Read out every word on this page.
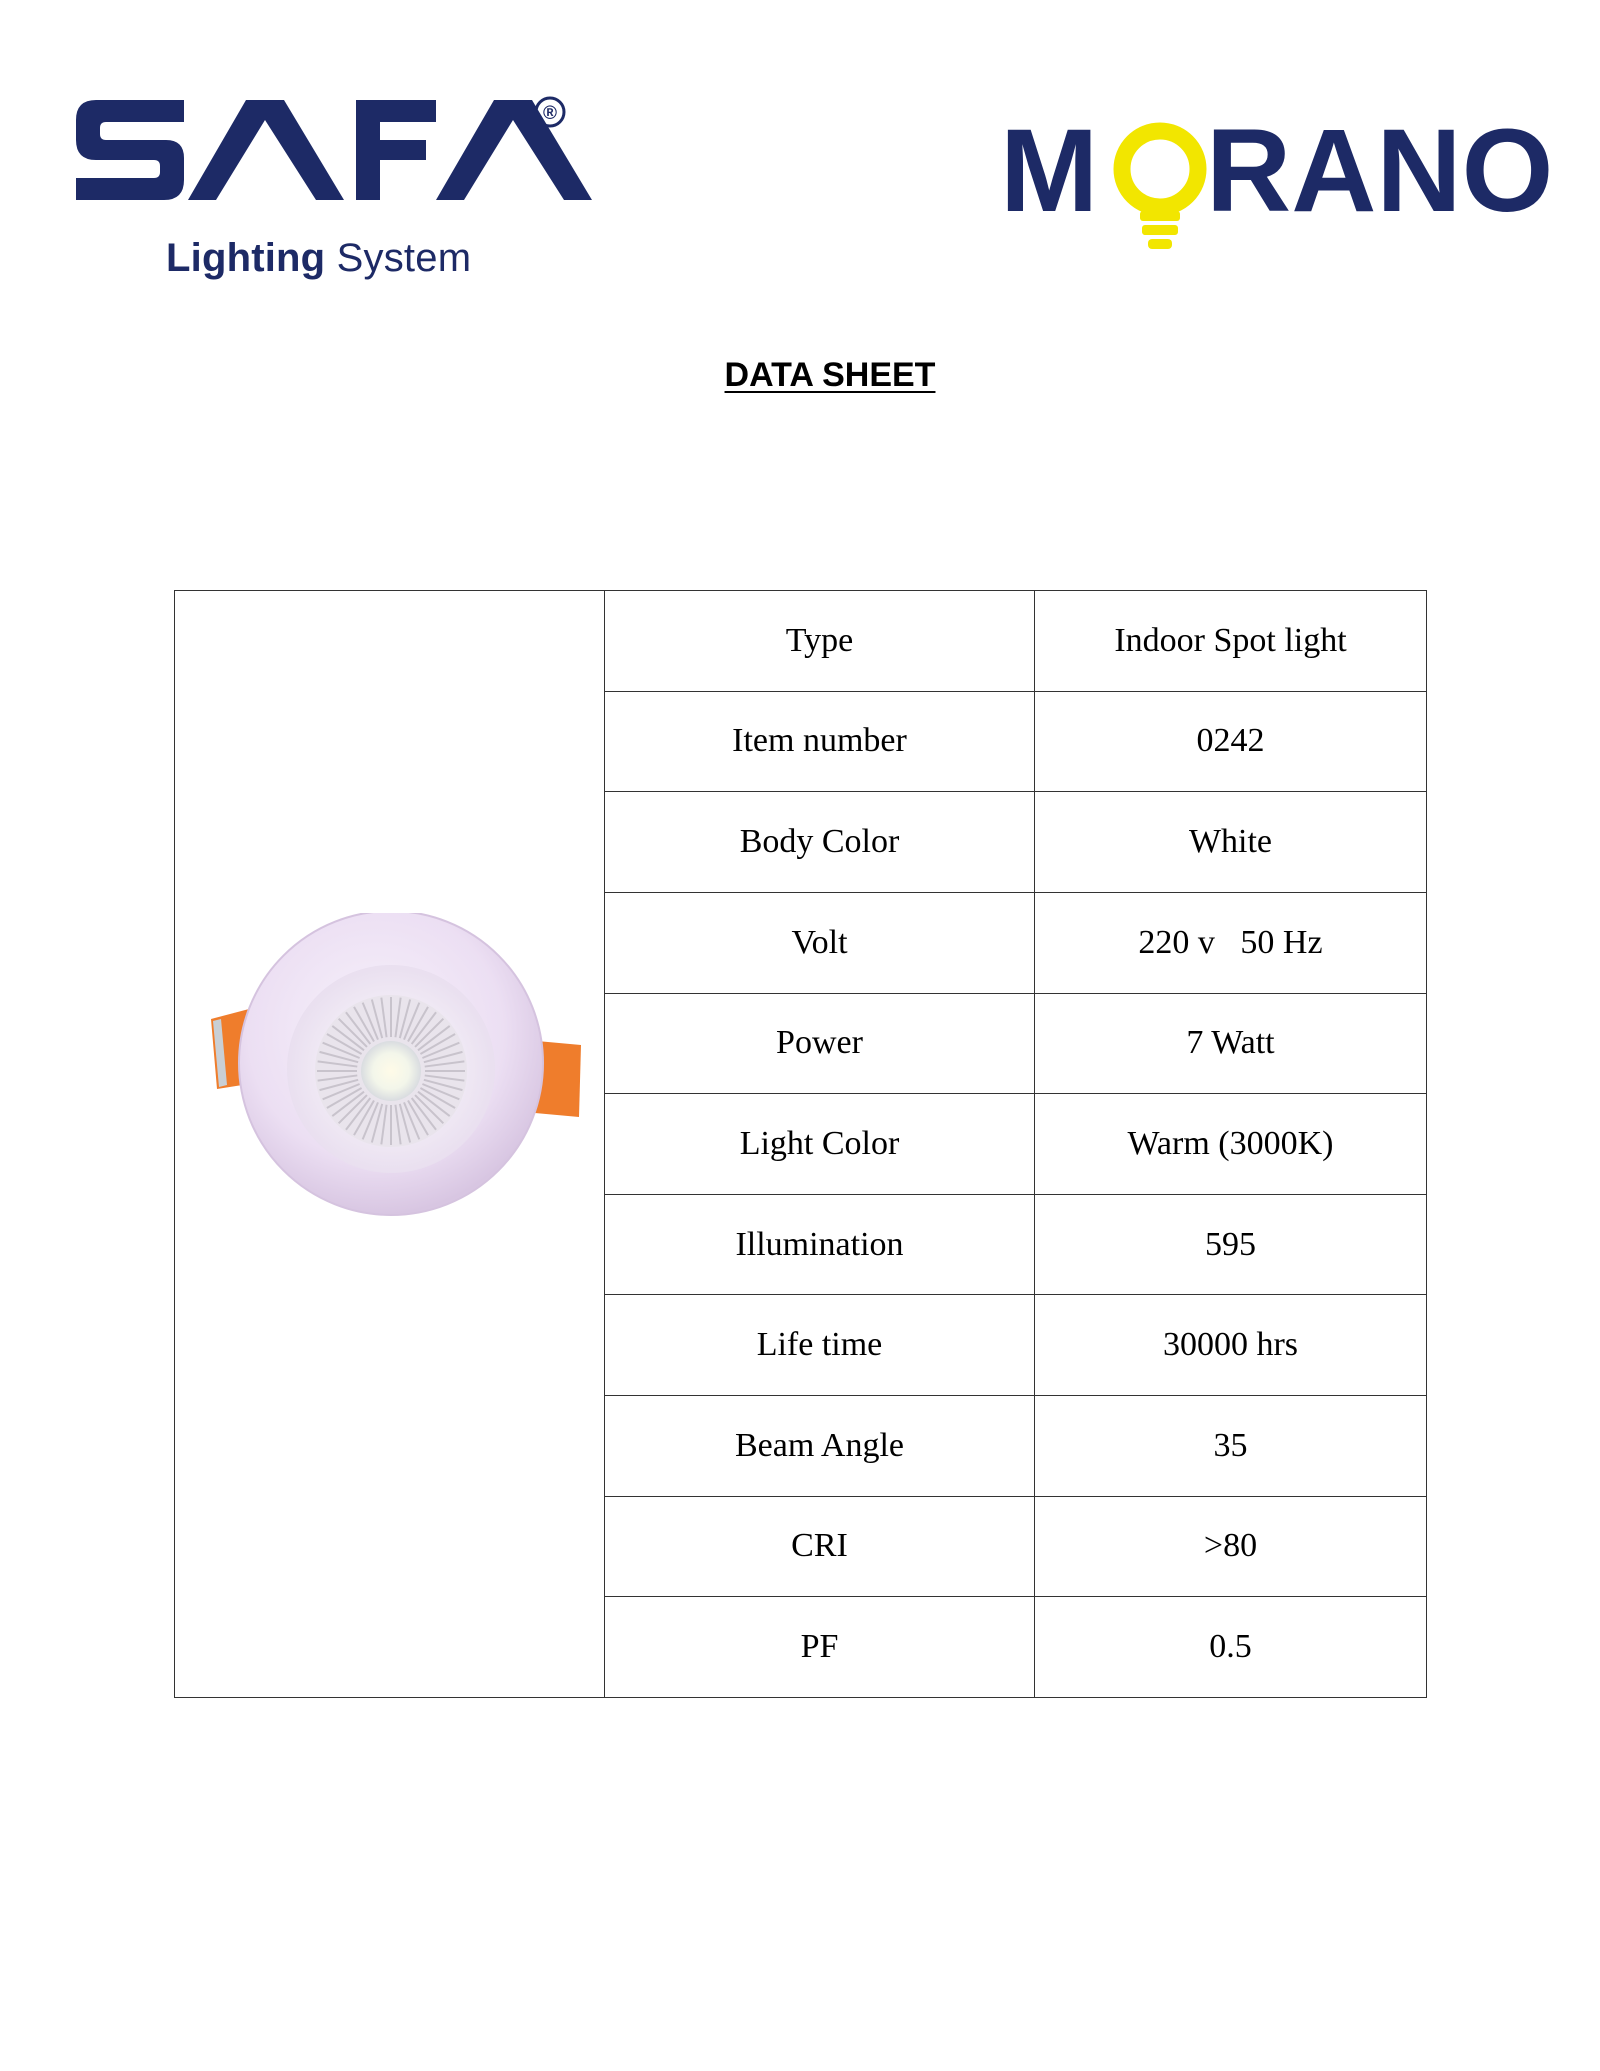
®
Lighting System
M RANO
DATA SHEET
	Type	Indoor Spot light
	Item number	0242
	Body Color	White
	Volt	220 v   50 Hz
	Power	7 Watt
	Light Color	Warm (3000K)
	Illumination	595
	Life time	30000 hrs
	Beam Angle	35
	CRI	>80
	PF	0.5
